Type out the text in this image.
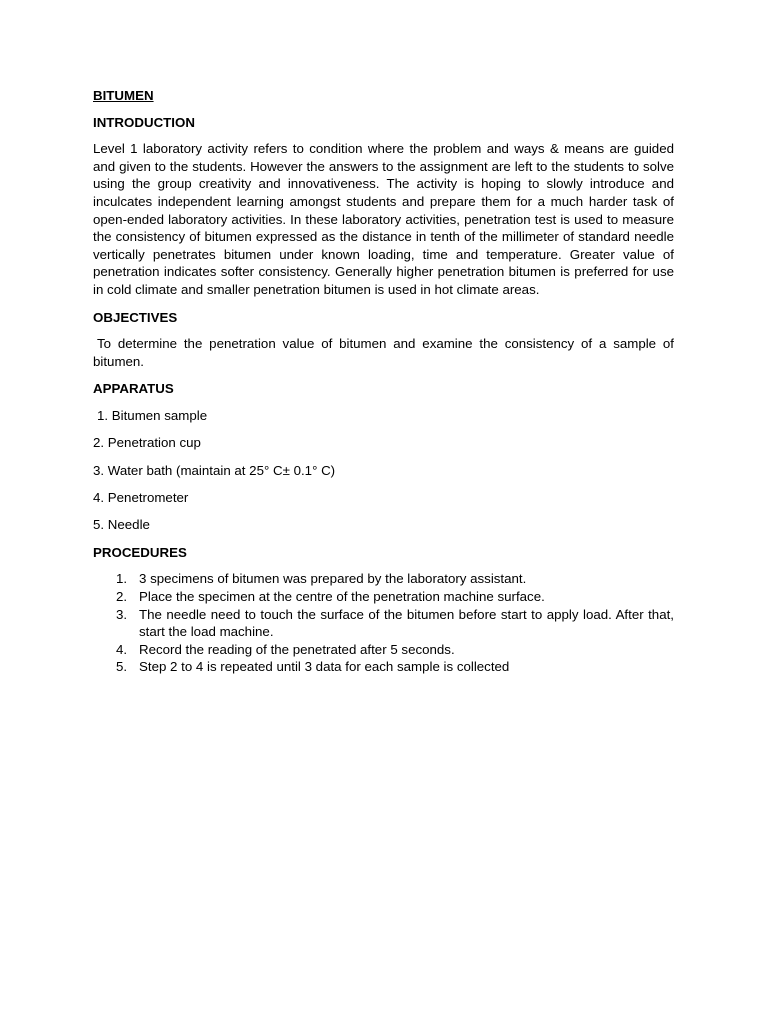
BITUMEN
INTRODUCTION

Level 1 laboratory activity refers to condition where the problem and ways & means are guided and given to the students. However the answers to the assignment are left to the students to solve using the group creativity and innovativeness. The activity is hoping to slowly introduce and inculcates independent learning amongst students and prepare them for a much harder task of open-ended laboratory activities. In these laboratory activities, penetration test is used to measure the consistency of bitumen expressed as the distance in tenth of the millimeter of standard needle vertically penetrates bitumen under known loading, time and temperature. Greater value of penetration indicates softer consistency. Generally higher penetration bitumen is preferred for use in cold climate and smaller penetration bitumen is used in hot climate areas.

OBJECTIVES

To determine the penetration value of bitumen and examine the consistency of a sample of bitumen.

APPARATUS
1. Bitumen sample
2. Penetration cup
3. Water bath (maintain at 25° C± 0.1° C)
4. Penetrometer
5. Needle
PROCEDURES
1. 3 specimens of bitumen was prepared by the laboratory assistant.
2. Place the specimen at the centre of the penetration machine surface.
3. The needle need to touch the surface of the bitumen before start to apply load. After that, start the load machine.
4. Record the reading of the penetrated after 5 seconds.
5. Step 2 to 4 is repeated until 3 data for each sample is collected
